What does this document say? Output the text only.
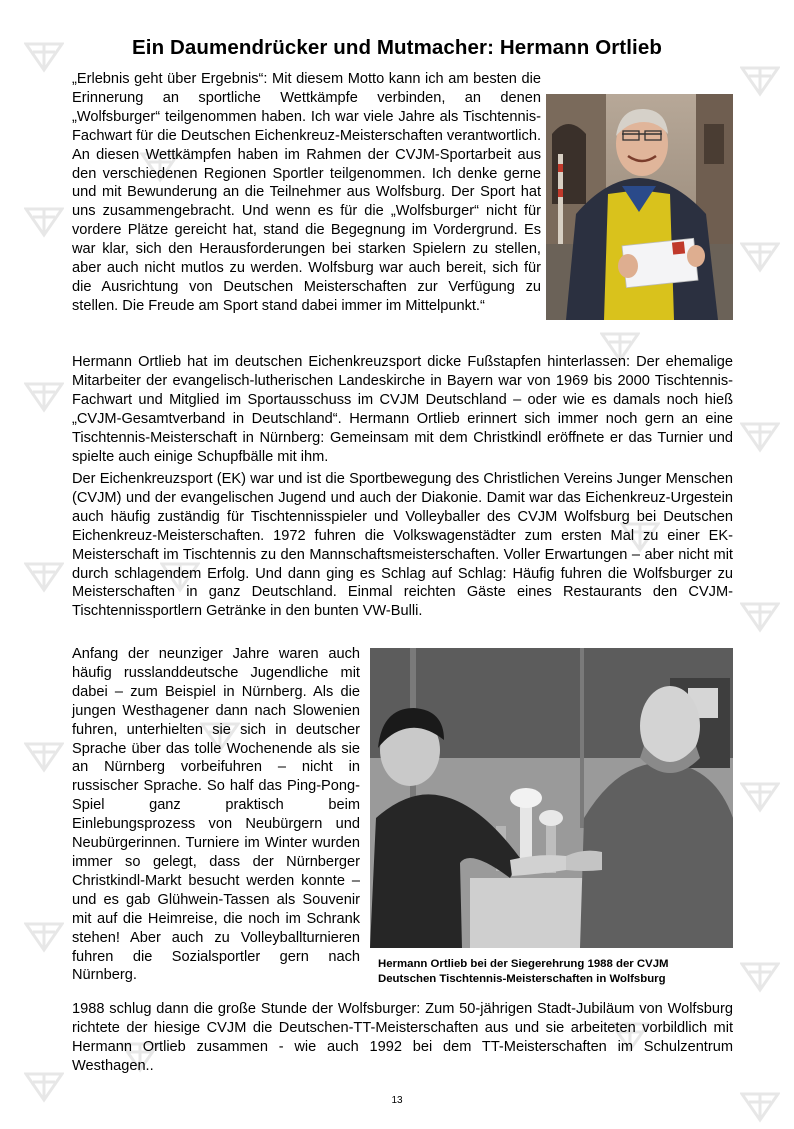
Ein Daumendrücker und Mutmacher: Hermann Ortlieb

„Erlebnis geht über Ergebnis“: Mit diesem Motto kann ich am besten die Erinnerung an sportliche Wettkämpfe verbinden, an denen „Wolfsburger“ teilgenommen haben. Ich war viele Jahre als Tischtennis-Fachwart für die Deutschen Eichenkreuz-Meisterschaften verantwortlich. An diesen Wettkämpfen haben im Rahmen der CVJM-Sportarbeit aus den verschiedenen Regionen Sportler teilgenommen. Ich denke gerne und mit Bewunderung an die Teilnehmer aus Wolfsburg. Der Sport hat uns zusammengebracht. Und wenn es für die „Wolfsburger“ nicht für vordere Plätze gereicht hat, stand die Begegnung im Vordergrund. Es war klar, sich den Herausforderungen bei starken Spielern zu stellen, aber auch nicht mutlos zu werden. Wolfsburg war auch bereit, sich für die Ausrichtung von Deutschen Meisterschaften zur Verfügung zu stellen. Die Freude am Sport stand dabei immer im Mittelpunkt.“

Hermann Ortlieb hat im deutschen Eichenkreuzsport dicke Fußstapfen hinterlassen: Der ehemalige Mitarbeiter der evangelisch-lutherischen Landeskirche in Bayern war von 1969 bis 2000 Tischtennis-Fachwart und Mitglied im Sportausschuss im CVJM Deutschland – oder wie es damals noch hieß „CVJM-Gesamtverband in Deutschland“. Hermann Ortlieb erinnert sich immer noch gern an eine Tischtennis-Meisterschaft in Nürnberg: Gemeinsam mit dem Christkindl eröffnete er das Turnier und spielte auch einige Schupfbälle mit ihm.

Der Eichenkreuzsport (EK) war und ist die Sportbewegung des Christlichen Vereins Junger Menschen (CVJM) und der evangelischen Jugend und auch der Diakonie. Damit war das Eichenkreuz-Urgestein auch häufig zuständig für Tischtennisspieler und Volleyballer des CVJM Wolfsburg bei Deutschen Eichenkreuz-Meisterschaften. 1972 fuhren die Volkswagenstädter zum ersten Mal zu einer EK-Meisterschaft im Tischtennis zu den Mannschaftsmeisterschaften. Voller Erwartungen – aber nicht mit durch schlagendem Erfolg. Und dann ging es Schlag auf Schlag: Häufig fuhren die Wolfsburger zu Meisterschaften in ganz Deutschland. Einmal reichten Gäste eines Restaurants den CVJM-Tischtennissportlern Getränke in den bunten VW-Bulli.

Anfang der neunziger Jahre waren auch häufig russlanddeutsche Jugendliche mit dabei – zum Beispiel in Nürnberg. Als die jungen Westhagener dann nach Slowenien fuhren, unterhielten sie sich in deutscher Sprache über das tolle Wochenende als sie an Nürnberg vorbeifuhren – nicht in russischer Sprache. So half das Ping-Pong-Spiel ganz praktisch beim Einlebungsprozess von Neubürgern und Neubürgerinnen. Turniere im Winter wurden immer so gelegt, dass der Nürnberger Christkindl-Markt besucht werden konnte – und es gab Glühwein-Tassen als Souvenir mit auf die Heimreise, die noch im Schrank stehen! Aber auch zu Volleyballturnieren fuhren die Sozialsportler gern nach Nürnberg.

Hermann Ortlieb bei der Siegerehrung 1988 der CVJM

Deutschen Tischtennis-Meisterschaften in Wolfsburg

1988 schlug dann die große Stunde der Wolfsburger: Zum 50-jährigen Stadt-Jubiläum von Wolfsburg richtete der hiesige CVJM die Deutschen-TT-Meisterschaften aus und sie arbeiteten vorbildlich mit Hermann Ortlieb zusammen - wie auch 1992 bei dem TT-Meisterschaften im Schulzentrum Westhagen..

13
